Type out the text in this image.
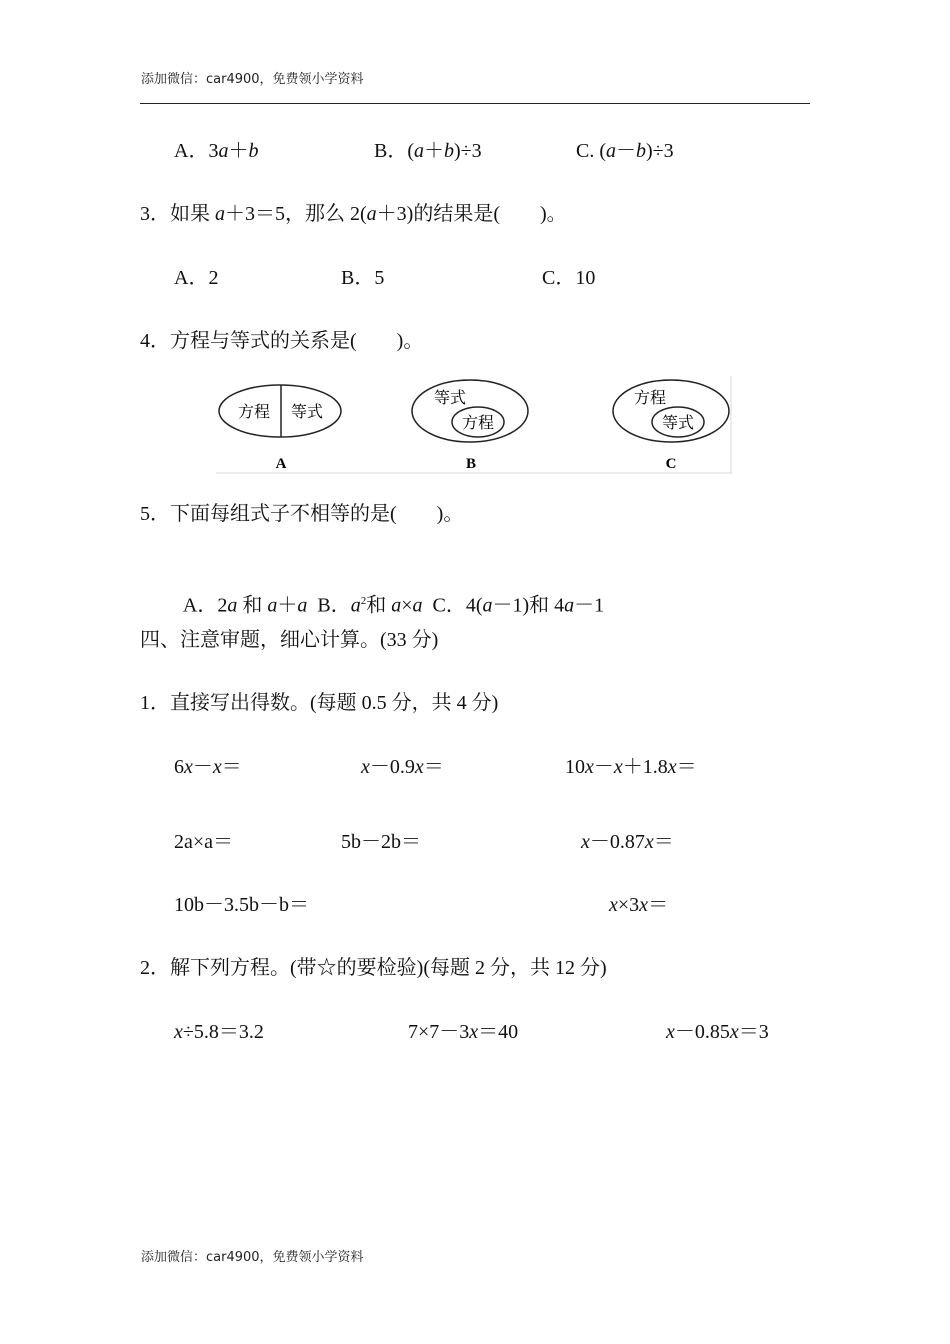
添加微信：car4900，免费领小学资料
A．3a＋b	B．(a＋b)÷3	C. (a－b)÷3
3．如果 a＋3＝5，那么 2(a＋3)的结果是(　　)。
A．2	B．5	C．10
4．方程与等式的关系是(　　)。
方程 等式
A
等式
方程
B
方程
等式
C
5．下面每组式子不相等的是(　　)。

A．2a 和 a＋a  B．$a^2$和 a×a  C．4(a－1)和 4a－1

四、注意审题，细心计算。(33 分)
1．直接写出得数。(每题 0.5 分，共 4 分)
6x－x＝	x－0.9x＝	10x－x＋1.8x＝
2a×a＝	5b－2b＝	x－0.87x＝
10b－3.5b－b＝	x×3x＝
2．解下列方程。(带☆的要检验)(每题 2 分，共 12 分)
x÷5.8＝3.2	7×7－3x＝40	x－0.85x＝3
添加微信：car4900，免费领小学资料
